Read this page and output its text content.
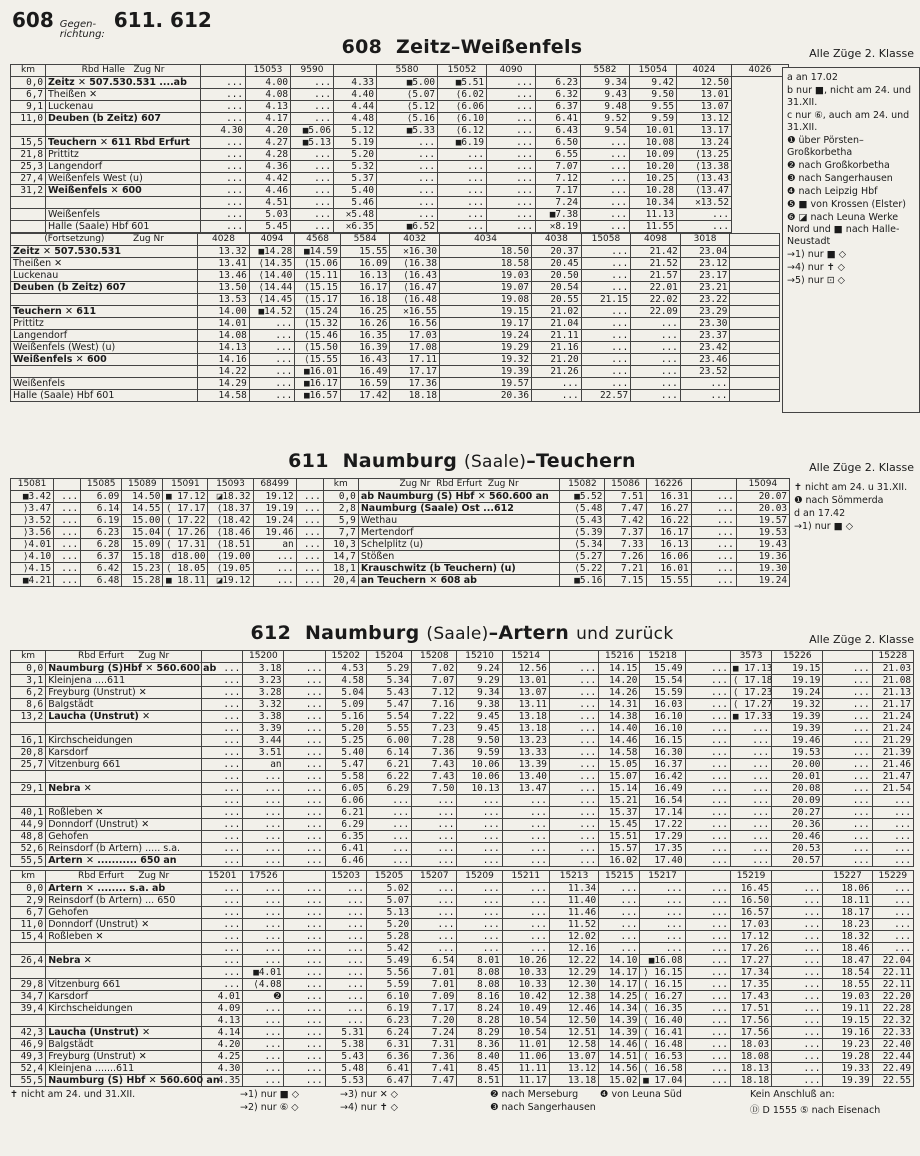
608 Gegen-richtung:
611. 612
608 Zeitz–Weißenfels	Alle Züge 2. Klasse
km	Rbd Halle   Zug Nr		15053	9590		5580	15052	4090		5582	15054	4024	4026
0,0	Zeitz ✕ 507.530.531 ....ab	...	4.00	...	4.33	■5.00	■5.51	...	6.23	9.34	9.42	12.50	
6,7	Theißen ✕	...	4.08	...	4.40	⟨5.07	⟨6.02	...	6.32	9.43	9.50	13.01	
9,1	Luckenau	...	4.13	...	4.44	⟨5.12	⟨6.06	...	6.37	9.48	9.55	13.07	
11,0	Deuben (b Zeitz) 607	...	4.17	...	4.48	⟨5.16	⟨6.10	...	6.41	9.52	9.59	13.12	
		4.30	4.20	■5.06	5.12	■5.33	⟨6.12	...	6.43	9.54	10.01	13.17	
15,5	Teuchern ✕ 611 Rbd Erfurt	...	4.27	■5.13	5.19	...	■6.19	...	6.50	...	10.08	13.24	
21,8	Prittitz	...	4.28	...	5.20	...	...	...	6.55	...	10.09	⟨13.25	
25,3	Langendorf	...	4.36	...	5.32	...	...	...	7.07	...	10.20	⟨13.38	
27,4	Weißenfels West (u)	...	4.42	...	5.37	...	...	...	7.12	...	10.25	⟨13.43	
31,2	Weißenfels ✕ 600	...	4.46	...	5.40	...	...	...	7.17	...	10.28	⟨13.47	
		...	4.51	...	5.46	...	...	...	7.24	...	10.34	✕13.52	
	Weißenfels	...	5.03	...	✕5.48	...	...	...	■7.38	...	11.13	...	
	Halle (Saale) Hbf 601	...	5.45	...	✕6.35	■6.52	...	...	✕8.19	...	11.55	...	
(Fortsetzung)          Zug Nr	4028	4094	4568	5584	4032	4034	4038	15058	4098	3018	
Zeitz ✕ 507.530.531	13.32	■14.28	■14.59	15.55	✕16.30	18.50	20.37	...	21.42	23.04	
Theißen ✕	13.41	⟨14.35	⟨15.06	16.09	⟨16.38	18.58	20.45	...	21.52	23.12	
Luckenau	13.46	⟨14.40	⟨15.11	16.13	⟨16.43	19.03	20.50	...	21.57	23.17	
Deuben (b Zeitz) 607	13.50	⟨14.44	⟨15.15	16.17	⟨16.47	19.07	20.54	...	22.01	23.21	
	13.53	⟨14.45	⟨15.17	16.18	⟨16.48	19.08	20.55	21.15	22.02	23.22	
Teuchern ✕ 611	14.00	■14.52	⟨15.24	16.25	✕16.55	19.15	21.02	...	22.09	23.29	
Prittitz	14.01	...	⟨15.32	16.26	16.56	19.17	21.04	...	...	23.30	
Langendorf	14.08	...	⟨15.46	16.35	17.03	19.24	21.11	...	...	23.37	
Weißenfels (West) (u)	14.13	...	⟨15.50	16.39	17.08	19.29	21.16	...	...	23.42	
Weißenfels ✕ 600	14.16	...	⟨15.55	16.43	17.11	19.32	21.20	...	...	23.46	
	14.22	...	■16.01	16.49	17.17	19.39	21.26	...	...	23.52	
Weißenfels	14.29	...	■16.17	16.59	17.36	19.57	...	...	...	...	
Halle (Saale) Hbf 601	14.58	...	■16.57	17.42	18.18	20.36	...	22.57	...	...	
a an 17.02
b nur ■, nicht am 24. und 31.XII.
c nur ⑥, auch am 24. und 31.XII.
❶ über Pörsten–Großkorbetha
❷ nach Großkorbetha
❸ nach Sangerhausen
❹ nach Leipzig Hbf
❺ ■ von Krossen (Elster)
❻ ◪ nach Leuna Werke Nord und ■ nach Halle-Neustadt
→1) nur ■ ◇
→4) nur ✝ ◇
→5) nur ⊡ ◇
611 Naumburg (Saale)–Teuchern	Alle Züge 2. Klasse
15081		15085	15089	15091	15093	68499		km	Zug Nr  Rbd Erfurt  Zug Nr	15082	15086	16226		15094
■3.42	...	6.09	14.50	■ 17.12	◪18.32	19.12	...	0,0	ab Naumburg (S) Hbf ✕ 560.600 an	■5.52	7.51	16.31	...	20.07
⟩3.47	...	6.14	14.55	⟨ 17.17	⟨18.37	19.19	...	2,8	Naumburg (Saale) Ost ...612	⟨5.48	7.47	16.27	...	20.03
⟩3.52	...	6.19	15.00	⟨ 17.22	⟨18.42	19.24	...	5,9	Wethau	⟨5.43	7.42	16.22	...	19.57
⟩3.56	...	6.23	15.04	⟨ 17.26	⟨18.46	19.46	...	7,7	Mertendorf	⟨5.39	7.37	16.17	...	19.53
⟩4.01	...	6.28	15.09	⟨ 17.31	⟨18.51	an	...	10,3	Schelplitz (u)	⟨5.34	7.33	16.13	...	19.43
⟩4.10	...	6.37	15.18	d18.00	⟨19.00	...	...	14,7	Stößen	⟨5.27	7.26	16.06	...	19.36
⟩4.15	...	6.42	15.23	⟨ 18.05	⟨19.05	...	...	18,1	Krauschwitz (b Teuchern) (u)	⟨5.22	7.21	16.01	...	19.30
■4.21	...	6.48	15.28	■ 18.11	◪19.12	...	...	20,4	an Teuchern ✕ 608 ab	■5.16	7.15	15.55	...	19.24
✝ nicht am 24. u 31.XII.
❶ nach Sömmerda
d an 17.42
→1) nur ■ ◇
612 Naumburg (Saale)–Artern und zurück	Alle Züge 2. Klasse
km	Rbd Erfurt     Zug Nr		15200		15202	15204	15208	15210	15214		15216	15218		3573	15226		15228
0,0	Naumburg (S)Hbf ✕ 560.600 ab	...	3.18	...	4.53	5.29	7.02	9.24	12.56	...	14.15	15.49	...	■ 17.13	19.15	...	21.03
3,1	Kleinjena ....611	...	3.23	...	4.58	5.34	7.07	9.29	13.01	...	14.20	15.54	...	⟨ 17.18	19.19	...	21.08
6,2	Freyburg (Unstrut) ✕	...	3.28	...	5.04	5.43	7.12	9.34	13.07	...	14.26	15.59	...	⟨ 17.23	19.24	...	21.13
8,6	Balgstädt	...	3.32	...	5.09	5.47	7.16	9.38	13.11	...	14.31	16.03	...	⟨ 17.27	19.32	...	21.17
13,2	Laucha (Unstrut) ✕	...	3.38	...	5.16	5.54	7.22	9.45	13.18	...	14.38	16.10	...	■ 17.33	19.39	...	21.24
		...	3.39	...	5.20	5.55	7.23	9.45	13.18	...	14.40	16.10	...	...	19.39	...	21.24
16,1	Kirchscheidungen	...	3.44	...	5.25	6.00	7.28	9.50	13.23	...	14.46	16.15	...	...	19.46	...	21.29
20,8	Karsdorf	...	3.51	...	5.40	6.14	7.36	9.59	13.33	...	14.58	16.30	...	...	19.53	...	21.39
25,7	Vitzenburg 661	...	an	...	5.47	6.21	7.43	10.06	13.39	...	15.05	16.37	...	...	20.00	...	21.46
		...	...	...	5.58	6.22	7.43	10.06	13.40	...	15.07	16.42	...	...	20.01	...	21.47
29,1	Nebra ✕	...	...	...	6.05	6.29	7.50	10.13	13.47	...	15.14	16.49	...	...	20.08	...	21.54
		...	...	...	6.06	...	...	...	...	...	15.21	16.54	...	...	20.09	...	...
40,1	Roßleben ✕	...	...	...	6.21	...	...	...	...	...	15.37	17.14	...	...	20.27	...	...
44,9	Donndorf (Unstrut) ✕	...	...	...	6.29	...	...	...	...	...	15.45	17.22	...	...	20.36	...	...
48,8	Gehofen	...	...	...	6.35	...	...	...	...	...	15.51	17.29	...	...	20.46	...	...
52,6	Reinsdorf (b Artern) ..... s.a.	...	...	...	6.41	...	...	...	...	...	15.57	17.35	...	...	20.53	...	...
55,5	Artern ✕ ........... 650 an	...	...	...	6.46	...	...	...	...	...	16.02	17.40	...	...	20.57	...	...
km	Rbd Erfurt     Zug Nr	15201	17526		15203	15205	15207	15209	15211	15213	15215	15217		15219		15227	15229
0,0	Artern ✕ ........ s.a. ab	...	...	...	...	5.02	...	...	...	11.34	...	...	...	16.45	...	18.06	...
2,9	Reinsdorf (b Artern) ... 650	...	...	...	...	5.07	...	...	...	11.40	...	...	...	16.50	...	18.11	...
6,7	Gehofen	...	...	...	...	5.13	...	...	...	11.46	...	...	...	16.57	...	18.17	...
11,0	Donndorf (Unstrut) ✕	...	...	...	...	5.20	...	...	...	11.52	...	...	...	17.03	...	18.23	...
15,4	Roßleben ✕	...	...	...	...	5.28	...	...	...	12.02	...	...	...	17.12	...	18.32	...
		...	...	...	...	5.42	...	...	...	12.16	...	...	...	17.26	...	18.46	...
26,4	Nebra ✕	...	...	...	...	5.49	6.54	8.01	10.26	12.22	14.10	■16.08	...	17.27	...	18.47	22.04
		...	■4.01	...	...	5.56	7.01	8.08	10.33	12.29	14.17	⟩ 16.15	...	17.34	...	18.54	22.11
29,8	Vitzenburg 661	...	⟨4.08	...	...	5.59	7.01	8.08	10.33	12.30	14.17	⟨ 16.15	...	17.35	...	18.55	22.11
34,7	Karsdorf	4.01	❷	...	...	6.10	7.09	8.16	10.42	12.38	14.25	⟨ 16.27	...	17.43	...	19.03	22.20
39,4	Kirchscheidungen	4.09	...	...	...	6.19	7.17	8.24	10.49	12.46	14.34	⟨ 16.35	...	17.51	...	19.11	22.28
		4.13	...	...	...	6.23	7.20	8.28	10.54	12.50	14.39	⟨ 16.40	...	17.56	...	19.15	22.32
42,3	Laucha (Unstrut) ✕	4.14	...	...	5.31	6.24	7.24	8.29	10.54	12.51	14.39	⟨ 16.41	...	17.56	...	19.16	22.33
46,9	Balgstädt	4.20	...	...	5.38	6.31	7.31	8.36	11.01	12.58	14.46	⟨ 16.48	...	18.03	...	19.23	22.40
49,3	Freyburg (Unstrut) ✕	4.25	...	...	5.43	6.36	7.36	8.40	11.06	13.07	14.51	⟨ 16.53	...	18.08	...	19.28	22.44
52,4	Kleinjena .......611	4.30	...	...	5.48	6.41	7.41	8.45	11.11	13.12	14.56	⟨ 16.58	...	18.13	...	19.33	22.49
55,5	Naumburg (S) Hbf ✕ 560.600 an	4.35	...	...	5.53	6.47	7.47	8.51	11.17	13.18	15.02	■ 17.04	...	18.18	...	19.39	22.55
✝ nicht am 24. und 31.XII.	→1) nur ■ ◇
→2) nur ⑥ ◇
→3) nur ✕ ◇
→4) nur ✝ ◇
❷ nach Merseburg
❸ nach Sangerhausen
❹ von Leuna Süd	Kein Anschluß an:
Ⓓ D 1555 ⑤ nach Eisenach
